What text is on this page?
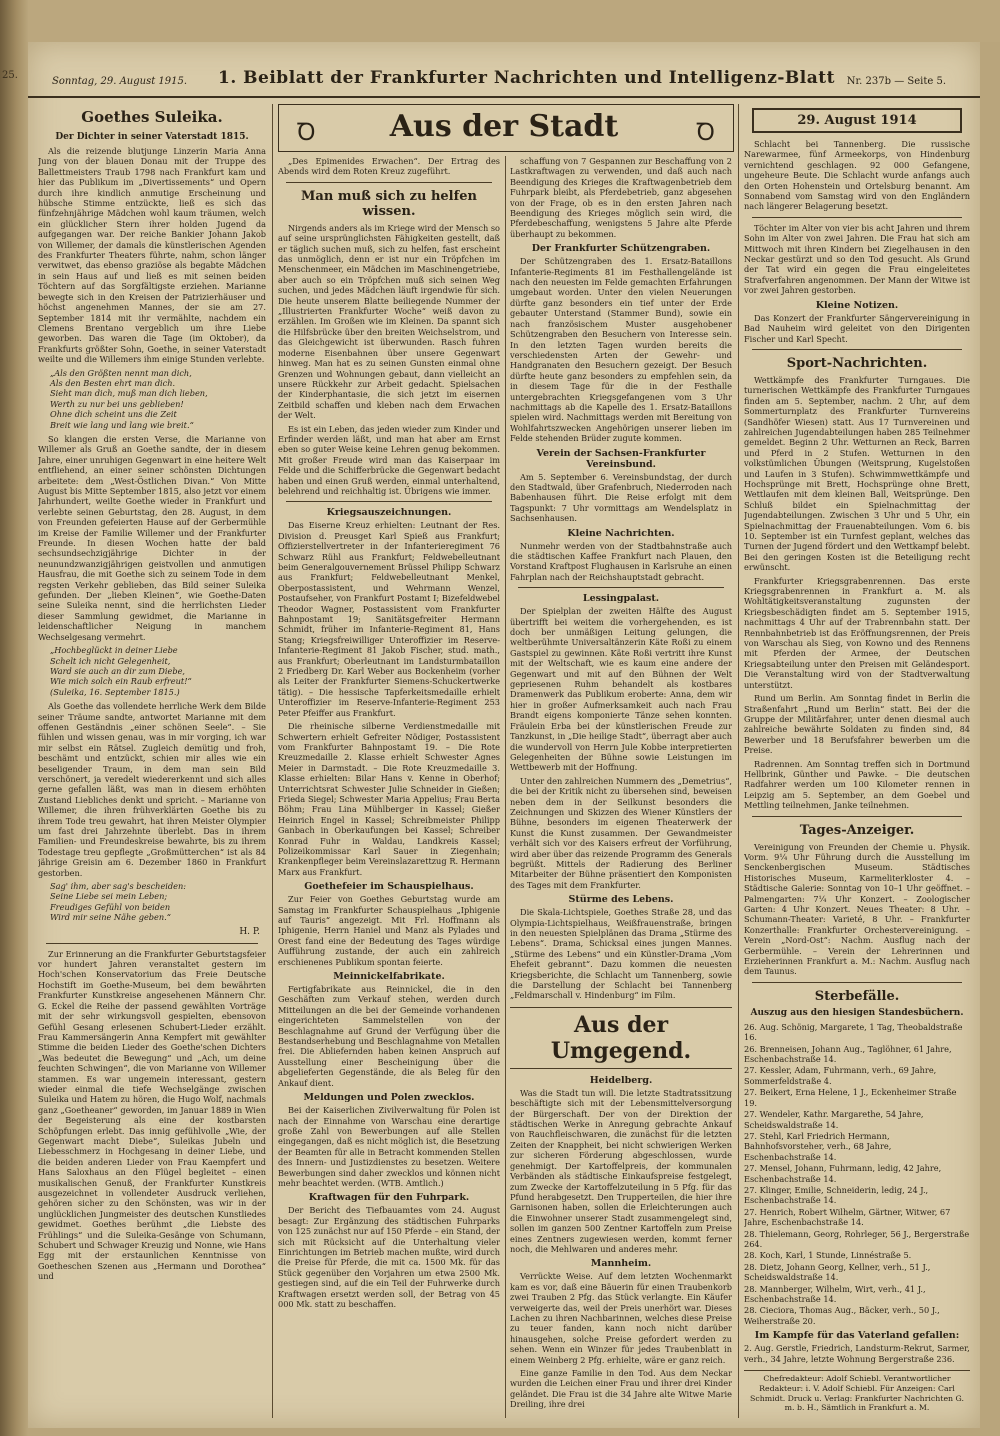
25.
Sonntag, 29. August 1915. 1. Beiblatt der Frankfurter Nachrichten und Intelligenz-Blatt Nr. 237b — Seite 5.
Goethes Suleika.
Der Dichter in seiner Vaterstadt 1815.

Als die reizende blutjunge Linzerin Maria Anna Jung von der blauen Donau mit der Truppe des Ballettmeisters Traub 1798 nach Frankfurt kam und hier das Publikum im „Divertissements“ und Opern durch ihre kindlich anmutige Erscheinung und hübsche Stimme entzückte, ließ es sich das fünfzehnjährige Mädchen wohl kaum träumen, welch ein glücklicher Stern ihrer holden Jugend da aufgegangen war. Der reiche Bankier Johann Jakob von Willemer, der damals die künstlerischen Agenden des Frankfurter Theaters führte, nahm, schon länger verwitwet, das ebenso graziöse als begabte Mädchen in sein Haus auf und ließ es mit seinen beiden Töchtern auf das Sorgfältigste erziehen. Marianne bewegte sich in den Kreisen der Patrizierhäuser und höchst angenehmen Mannes, der sie am 27. September 1814 mit ihr vermählte, nachdem ein Clemens Brentano vergeblich um ihre Liebe geworben. Das waren die Tage (im Oktober), da Frankfurts größter Sohn, Goethe, in seiner Vaterstadt weilte und die Willemers ihm einige Stunden verlebte.

„Als den Größten nennt man dich,
Als den Besten ehrt man dich.
Sieht man dich, muß man dich lieben,
Werth zu nur bei uns geblieben!
Ohne dich scheint uns die Zeit
Breit wie lang und lang wie breit.“

So klangen die ersten Verse, die Marianne von Willemer als Gruß an Goethe sandte, der in diesem Jahre, einer unruhigen Gegenwart in eine heitere Welt entfliehend, an einer seiner schönsten Dichtungen arbeitete: dem „West-Östlichen Divan.“ Von Mitte August bis Mitte September 1815, also jetzt vor einem Jahrhundert, weilte Goethe wieder in Frankfurt und verlebte seinen Geburtstag, den 28. August, in dem von Freunden gefeierten Hause auf der Gerbermühle im Kreise der Familie Willemer und der Frankfurter Freunde. In diesen Wochen hatte der bald sechsundsechzigjährige Dichter in der neunundzwanzigjährigen geistvollen und anmutigen Hausfrau, die mit Goethe sich zu seinem Tode in dem regsten Verkehr geblieben, das Bild seiner Suleika gefunden. Der „lieben Kleinen“, wie Goethe-Daten seine Suleika nennt, sind die herrlichsten Lieder dieser Sammlung gewidmet, die Marianne in leidenschaftlicher Neigung in manchem Wechselgesang vermehrt.

„Hochbeglückt in deiner Liebe
Schelt ich nicht Gelegenheit,
Ward sie auch an dir zum Diebe,
Wie mich solch ein Raub erfreut!“
(Suleika, 16. September 1815.)

Als Goethe das vollendete herrliche Werk dem Bilde seiner Träume sandte, antwortet Marianne mit dem offenen Geständnis „einer schönen Seele“. – Sie fühlen und wissen genau, was in mir vorging, ich war mir selbst ein Rätsel. Zugleich demütig und froh, beschämt und entzückt, schien mir alles wie ein beseligender Traum, in dem man sein Bild verschönert, ja veredelt wiedererkennt und sich alles gerne gefallen läßt, was man in diesem erhöhten Zustand Liebliches denkt und spricht. – Marianne von Willemer, die ihren frühverklärten Goethe bis zu ihrem Tode treu gewahrt, hat ihren Meister Olympier um fast drei Jahrzehnte überlebt. Das in ihrem Familien- und Freundeskreise bewahrte, bis zu ihrem Todestage treu gepflegte „Großmütterchen“ ist als 84 jährige Greisin am 6. Dezember 1860 in Frankfurt gestorben.

Sag' ihm, aber sag's bescheiden:
Seine Liebe sei mein Leben;
Freudiges Gefühl von beiden
Wird mir seine Nähe geben.“
H. P.

Zur Erinnerung an die Frankfurter Geburtstagsfeier vor hundert Jahren veranstaltet gestern im Hoch'schen Konservatorium das Freie Deutsche Hochstift im Goethe-Museum, bei dem bewährten Frankfurter Kunstkreise angesehenen Männern Chr. G. Eckel die Reihe der passend gewählten Vorträge mit der sehr wirkungsvoll gespielten, ebensovon Gefühl Gesang erlesenen Schubert-Lieder erzählt. Frau Kammersängerin Anna Kempfert mit gewählter Stimme die beiden Lieder des Goethe'schen Dichters „Was bedeutet die Bewegung“ und „Ach, um deine feuchten Schwingen“, die von Marianne von Willemer stammen. Es war ungemein interessant, gestern wieder einmal die tiefe Wechselgänge zwischen Suleika und Hatem zu hören, die Hugo Wolf, nachmals ganz „Goetheaner“ geworden, im Januar 1889 in Wien der Begeisterung als eine der kostbarsten Schöpfungen erlebt. Das innig gefühlvolle „Wie, der Gegenwart macht Diebe“, Suleikas Jubeln und Liebesschmerz in Hochgesang in deiner Liebe, und die beiden anderen Lieder von Frau Kaempfert und Hans Saloxhaus an den Flügel begleitet – einen musikalischen Genuß, der Frankfurter Kunstkreis ausgezeichnet in vollendeter Ausdruck verliehen, gehören sicher zu den Schönsten, was wir in der unglücklichen Jungmeister des deutschen Kunstliedes gewidmet. Goethes berühmt „die Liebste des Frühlings“ und die Suleika-Gesänge von Schumann, Schubert und Schwager Kreuzig und Nonne, wie Hans Egg mit der erstaunlichen Kenntnisse von Goetheschen Szenen aus „Hermann und Dorothea“ und

Ꝺ	Aus der Stadt	Ꝺ

„Des Epimenides Erwachen“. Der Ertrag des Abends wird dem Roten Kreuz zugeführt.

Man muß sich zu helfen wissen.

Nirgends anders als im Kriege wird der Mensch so auf seine ursprünglichsten Fähigkeiten gestellt, daß er täglich suchen muß, sich zu helfen, fast erscheint das unmöglich, denn er ist nur ein Tröpfchen im Menschenmeer, ein Mädchen im Maschinengetriebe, aber auch so ein Tröpfchen muß sich seinen Weg suchen, und jedes Mädchen läuft irgendwie für sich. Die heute unserem Blatte beiliegende Nummer der „Illustrierten Frankfurter Woche“ weiß davon zu erzählen. Im Großen wie im Kleinen. Da spannt sich die Hilfsbrücke über den breiten Weichselstrom, und das Gleichgewicht ist überwunden. Rasch fuhren moderne Eisenbahnen über unsere Gegenwart hinweg. Man hat es zu seinen Gunsten einmal ohne Grenzen und Wohnungen gebaut, dann vielleicht an unsere Rückkehr zur Arbeit gedacht. Spielsachen der Kinderphantasie, die sich jetzt im eisernen Zeitbild schaffen und kleben nach dem Erwachen der Welt.

Es ist ein Leben, das jeden wieder zum Kinder und Erfinder werden läßt, und man hat aber am Ernst eben so guter Weise keine Lehren genug bekommen. Mit großer Freude wird man das Kaiserpaar im Felde und die Schifferbrücke die Gegenwart bedacht haben und einen Gruß werden, einmal unterhaltend, belehrend und reichhaltig ist. Übrigens wie immer.

Kriegsauszeichnungen.

Das Eiserne Kreuz erhielten: Leutnant der Res. Division d. Preusget Karl Spieß aus Frankfurt; Offizierstellvertreter in der Infanterieregiment 76 Schwarz Rühl aus Frankfurt; Feldwebelleutnant beim Generalgouvernement Brüssel Philipp Schwarz aus Frankfurt; Feldwebelleutnant Menkel, Oberpostassistent, und Wehrmann Wenzel, Postaufseher, von Frankfurt Postamt I; Bizefeldwebel Theodor Wagner, Postassistent vom Frankfurter Bahnpostamt 19; Sanitätsgefreiter Hermann Schmidt, früher im Infanterie-Regiment 81, Hans Stang; Kriegsfreiwilliger Unteroffizier im Reserve-Infanterie-Regiment 81 Jakob Fischer, stud. math., aus Frankfurt; Oberleutnant im Landsturmbataillon 2 Friedberg Dr. Karl Weber aus Bockenheim (vorher als Leiter der Frankfurter Siemens-Schuckertwerke tätig). – Die hessische Tapferkeitsmedaille erhielt Unteroffizier im Reserve-Infanterie-Regiment 253 Peter Pfeiffer aus Frankfurt.

Die rheinische silberne Verdienstmedaille mit Schwertern erhielt Gefreiter Nödiger, Postassistent vom Frankfurter Bahnpostamt 19. – Die Rote Kreuzmedaille 2. Klasse erhielt Schwester Agnes Meier in Darmstadt. – Die Rote Kreuzmedaille 3. Klasse erhielten: Bilar Hans v. Kenne in Oberhof; Unterrichtsrat Schwester Julie Schneider in Gießen; Frieda Siegel; Schwester Maria Appelius; Frau Berta Böhm; Frau Lina Mühlberger in Kassel; Gießer Heinrich Engel in Kassel; Schreibmeister Philipp Ganbach in Oberkaufungen bei Kassel; Schreiber Konrad Fuhr in Waldau, Landkreis Kassel; Polizeikommissar Karl Sauer in Ziegenhain; Krankenpfleger beim Vereinslazarettzug R. Hermann Marx aus Frankfurt.

Goethefeier im Schauspielhaus.

Zur Feier von Goethes Geburtstag wurde am Samstag im Frankfurter Schauspielhaus „Iphigenie auf Tauris“ angezeigt. Mit Frl. Hoffmann als Iphigenie, Herrn Haniel und Manz als Pylades und Orest fand eine der Bedeutung des Tages würdige Aufführung zustande, der auch ein zahlreich erschienenes Publikum spontan feierte.

Meinnickelfabrikate.

Fertigfabrikate aus Reinnickel, die in den Geschäften zum Verkauf stehen, werden durch Mitteilungen an die bei der Gemeinde vorhandenen eingerichteten Sammelstellen von der Beschlagnahme auf Grund der Verfügung über die Bestandserhebung und Beschlagnahme von Metallen frei. Die Abliefernden haben keinen Anspruch auf Ausstellung einer Bescheinigung über die abgelieferten Gegenstände, die als Beleg für den Ankauf dient.

Meldungen und Polen zwecklos.

Bei der Kaiserlichen Zivilverwaltung für Polen ist nach der Einnahme von Warschau eine derartige große Zahl von Bewerbungen auf alle Stellen eingegangen, daß es nicht möglich ist, die Besetzung der Beamten für alle in Betracht kommenden Stellen des Innern- und Justizdienstes zu besetzen. Weitere Bewerbungen sind daher zwecklos und können nicht mehr beachtet werden. (WTB. Amtlich.)

Kraftwagen für den Fuhrpark.

Der Bericht des Tiefbauamtes vom 24. August besagt: Zur Ergänzung des städtischen Fuhrparks von 125 zunächst nur auf 150 Pferde – ein Stand, der sich mit Rücksicht auf die Unterhaltung vieler Einrichtungen im Betrieb machen mußte, wird durch die Preise für Pferde, die mit ca. 1500 Mk. für das Stück gegenüber den Vorjahren um etwa 2500 Mk. gestiegen sind, auf die ein Teil der Fuhrwerke durch Kraftwagen ersetzt werden soll, der Betrag von 45 000 Mk. statt zu beschaffen.

schaffung von 7 Gespannen zur Beschaffung von 2 Lastkraftwagen zu verwenden, und daß auch nach Beendigung des Krieges die Kraftwagenbetrieb dem Fuhrpark bleibt, als Pferdebetrieb, ganz abgesehen von der Frage, ob es in den ersten Jahren nach Beendigung des Krieges möglich sein wird, die Pferdebeschaffung, wenigstens 5 Jahre alte Pferde überhaupt zu bekommen.

Der Frankfurter Schützengraben.

Der Schützengraben des 1. Ersatz-Bataillons Infanterie-Regiments 81 im Festhallengelände ist nach den neuesten im Felde gemachten Erfahrungen umgebaut worden. Unter den vielen Neuerungen dürfte ganz besonders ein tief unter der Erde gebauter Unterstand (Stammer Bund), sowie ein nach französischem Muster ausgehobener Schützengraben den Besuchern von Interesse sein. In den letzten Tagen wurden bereits die verschiedensten Arten der Gewehr- und Handgranaten den Besuchern gezeigt. Der Besuch dürfte heute ganz besonders zu empfehlen sein, da in diesem Tage für die in der Festhalle untergebrachten Kriegsgefangenen vom 3 Uhr nachmittags ab die Kapelle des 1. Ersatz-Bataillons spielen wird. Nachmittags werden mit Bereitung von Wohlfahrtszwecken Angehörigen unserer lieben im Felde stehenden Brüder zugute kommen.

Verein der Sachsen-Frankfurter Vereinsbund.

Am 5. September 6. Vereinsbundstag, der durch den Stadtwald, über Grafenbruch, Niederroden nach Babenhausen führt. Die Reise erfolgt mit dem Tagspunkt: 7 Uhr vormittags am Wendelsplatz in Sachsenhausen.

Kleine Nachrichten.

Nunmehr werden von der Stadtbahnstraße auch die städtischen Kaffee Frankfurt nach Plauen, den Vorstand Kraftpost Flughausen in Karlsruhe an einen Fahrplan nach der Reichshauptstadt gebracht.

Lessingpalast.

Der Spielplan der zweiten Hälfte des August übertrifft bei weitem die vorhergehenden, es ist doch ber unmäßigen Leitung gelungen, die weltberühmte Universaltänzerin Käte Roßi zu einem Gastspiel zu gewinnen. Käte Roßi vertritt ihre Kunst mit der Weltschaft, wie es kaum eine andere der Gegenwart und mit auf den Bühnen der Welt gepriesenen Ruhm behandelt als kostbares Dramenwerk das Publikum eroberte: Anna, dem wir hier in großer Aufmerksamkeit auch nach Frau Brandt eigens komponierte Tänze sehen konnten. Fräulein Erba bei der künstlerischen Freude zur Tanzkunst, in „Die heilige Stadt“, überragt aber auch die wundervoll von Herrn Jule Kobbe interpretierten Gelegenheiten der Bühne sowie Leistungen im Wettbewerb mit der Hoffnung.

Unter den zahlreichen Nummern des „Demetrius“, die bei der Kritik nicht zu übersehen sind, beweisen neben dem in der Seilkunst besonders die Zeichnungen und Skizzen des Wiener Künstlers der Bühne, besonders im eigenen Theaterwerk der Kunst die Kunst zusammen. Der Gewandmeister verhält sich vor des Kaisers erfreut der Vorführung, wird aber über das reizende Programm des Generals begrüßt. Mittels der Radierung des Berliner Mitarbeiter der Bühne präsentiert den Komponisten des Tages mit dem Frankfurter.

Stürme des Lebens.

Die Skala-Lichtspiele, Goethes Straße 28, und das Olympia-Lichtspielhaus, Weißfrauenstraße, bringen in den neuesten Spielplänen das Drama „Stürme des Lebens“. Drama, Schicksal eines jungen Mannes. „Stürme des Lebens“ und ein Künstler-Drama „Vom Ehefeit gebrannt“. Dazu kommen die neuesten Kriegsberichte, die Schlacht um Tannenberg, sowie die Darstellung der Schlacht bei Tannenberg „Feldmarschall v. Hindenburg“ im Film.

Aus der Umgegend.
Heidelberg.

Was die Stadt tun will. Die letzte Stadtratssitzung beschäftigte sich mit der Lebensmittelversorgung der Bürgerschaft. Der von der Direktion der städtischen Werke in Anregung gebrachte Ankauf von Rauchfleischwaren, die zunächst für die letzten Zeiten der Knappheit, bei nicht schwierigen Werken zur sicheren Förderung abgeschlossen, wurde genehmigt. Der Kartoffelpreis, der kommunalen Verbänden als städtische Einkaufspreise festgelegt, zum Zwecke der Kartoffelzuteilung in 5 Pfg. für das Pfund herabgesetzt. Den Trupperteilen, die hier ihre Garnisonen haben, sollen die Erleichterungen auch die Einwohner unserer Stadt zusammengelegt sind, sollen im ganzen 500 Zentner Kartoffeln zum Preise eines Zentners zugewiesen werden, kommt ferner noch, die Mehlwaren und anderes mehr.

Mannheim.

Verrückte Weise. Auf dem letzten Wochenmarkt kam es vor, daß eine Bäuerin für einen Traubenkorb zwei Trauben 2 Pfg. das Stück verlangte. Ein Käufer verweigerte das, weil der Preis unerhört war. Dieses Lachen zu ihren Nachbarinnen, welches diese Preise zu teuer fanden, kann noch nicht darüber hinausgehen, solche Preise gefordert werden zu sehen. Wenn ein Winzer für jedes Traubenblatt in einem Weinberg 2 Pfg. erhielte, wäre er ganz reich.

Eine ganze Familie in den Tod. Aus dem Neckar wurden die Leichen einer Frau und ihrer drei Kinder geländet. Die Frau ist die 34 Jahre alte Witwe Marie Dreiling, ihre drei

29. August 1914

Schlacht bei Tannenberg. Die russische Narewarmee, fünf Armeekorps, von Hindenburg vernichtend geschlagen. 92 000 Gefangene, ungeheure Beute. Die Schlacht wurde anfangs auch den Orten Hohenstein und Ortelsburg benannt. Am Sonnabend vom Samstag wird von den Engländern nach längerer Belagerung besetzt.

Töchter im Alter von vier bis acht Jahren und ihrem Sohn im Alter von zwei Jahren. Die Frau hat sich am Mittwoch mit ihren Kindern bei Ziegelhausen in den Neckar gestürzt und so den Tod gesucht. Als Grund der Tat wird ein gegen die Frau eingeleitetes Strafverfahren angenommen. Der Mann der Witwe ist vor zwei Jahren gestorben.

Kleine Notizen.

Das Konzert der Frankfurter Sängervereinigung in Bad Nauheim wird geleitet von den Dirigenten Fischer und Karl Specht.

Sport-Nachrichten.

Wettkämpfe des Frankfurter Turngaues. Die turnerischen Wettkämpfe des Frankfurter Turngaues finden am 5. September, nachm. 2 Uhr, auf dem Sommerturnplatz des Frankfurter Turnvereins (Sandhöfer Wiesen) statt. Aus 17 Turnvereinen und zahlreichen Jugendabteilungen haben 285 Teilnehmer gemeldet. Beginn 2 Uhr. Wetturnen an Reck, Barren und Pferd in 2 Stufen. Wetturnen in den volkstümlichen Übungen (Weitsprung, Kugelstoßen und Laufen in 3 Stufen). Schwimmwettkämpfe und Hochsprünge mit Brett, Hochsprünge ohne Brett, Wettlaufen mit dem kleinen Ball, Weitsprünge. Den Schluß bildet ein Spielnachmittag der Jugendabteilungen. Zwischen 3 Uhr und 5 Uhr, ein Spielnachmittag der Frauenabteilungen. Vom 6. bis 10. September ist ein Turnfest geplant, welches das Turnen der Jugend fördert und den Wettkampf belebt. Bei den geringen Kosten ist die Beteiligung recht erwünscht.

Frankfurter Kriegsgrabenrennen. Das erste Kriegsgrabenrennen in Frankfurt a. M. als Wohltätigkeitsveranstaltung zugunsten der Kriegsbeschädigten findet am 5. September 1915, nachmittags 4 Uhr auf der Trabrennbahn statt. Der Rennbahnbetrieb ist das Eröffnungsrennen, der Preis von Warschau als Sieg, von Kowno und des Rennens mit Pferden der Armee, der Deutschen Kriegsabteilung unter den Preisen mit Geländesport. Die Veranstaltung wird von der Stadtverwaltung unterstützt.

Rund um Berlin. Am Sonntag findet in Berlin die Straßenfahrt „Rund um Berlin“ statt. Bei der die Gruppe der Militärfahrer, unter denen diesmal auch zahlreiche bewährte Soldaten zu finden sind, 84 Bewerber und 18 Berufsfahrer bewerben um die Preise.

Radrennen. Am Sonntag treffen sich in Dortmund Hellbrink, Günther und Pawke. – Die deutschen Radfahrer werden um 100 Kilometer rennen in Leipzig am 5. September, an dem Goebel und Mettling teilnehmen, Janke teilnehmen.

Tages-Anzeiger.

Vereinigung von Freunden der Chemie u. Physik. Vorm. 9¼ Uhr Führung durch die Ausstellung im Senckenbergischen Museum. Städtisches Historisches Museum, Karmeliterkloster 4. – Städtische Galerie: Sonntag von 10–1 Uhr geöffnet. – Palmengarten: 7¼ Uhr Konzert. – Zoologischer Garten: 4 Uhr Konzert. Neues Theater: 8 Uhr. – Schumann-Theater: Varieté, 8 Uhr. – Frankfurter Konzerthalle: Frankfurter Orchestervereinigung. – Verein „Nord-Ost“: Nachm. Ausflug nach der Gerbermühle. – Verein der Lehrerinnen und Erzieherinnen Frankfurt a. M.: Nachm. Ausflug nach dem Taunus.

Sterbefälle.
Auszug aus den hiesigen Standesbüchern.
26. Aug. Schönig, Margarete, 1 Tag, Theobaldstraße 16.
26. Brenneisen, Johann Aug., Taglöhner, 61 Jahre, Eschenbachstraße 14.
27. Kessler, Adam, Fuhrmann, verh., 69 Jahre, Sommerfeldstraße 4.
27. Beikert, Erna Helene, 1 J., Eckenheimer Straße 19.
27. Wendeler, Kathr. Margarethe, 54 Jahre, Scheidswaldstraße 14.
27. Stehl, Karl Friedrich Hermann, Bahnhofsvorsteher, verh., 68 Jahre, Eschenbachstraße 14.
27. Mensel, Johann, Fuhrmann, ledig, 42 Jahre, Eschenbachstraße 14.
27. Klinger, Emilie, Schneiderin, ledig, 24 J., Eschenbachstraße 14.
27. Henrich, Robert Wilhelm, Gärtner, Witwer, 67 Jahre, Eschenbachstraße 14.
28. Thielemann, Georg, Rohrleger, 56 J., Bergerstraße 264.
28. Koch, Karl, 1 Stunde, Linnéstraße 5.
28. Dietz, Johann Georg, Kellner, verh., 51 J., Scheidswaldstraße 14.
28. Mannberger, Wilhelm, Wirt, verh., 41 J., Eschenbachstraße 14.
28. Cieciora, Thomas Aug., Bäcker, verh., 50 J., Weiherstraße 20.
Im Kampfe für das Vaterland gefallen:
2. Aug. Gerstle, Friedrich, Landsturm-Rekrut, Sarmer, verh., 34 Jahre, letzte Wohnung Bergerstraße 236.
Chefredakteur: Adolf Schiebl. Verantwortlicher Redakteur: i. V. Adolf Schiebl. Für Anzeigen: Carl Schmidt. Druck u. Verlag: Frankfurter Nachrichten G. m. b. H., Sämtlich in Frankfurt a. M.
